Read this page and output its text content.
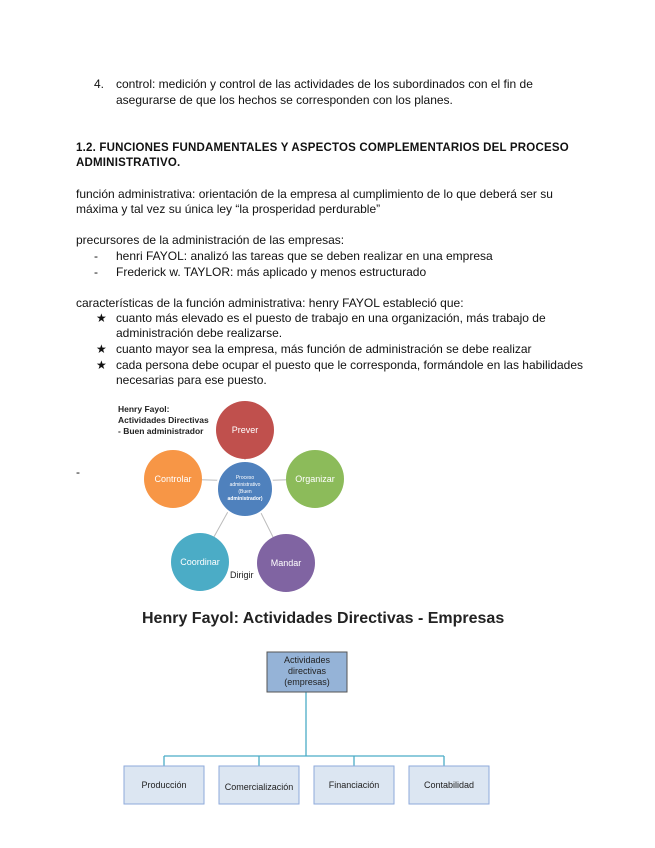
4. control: medición y control de las actividades de los subordinados con el fin de
asegurarse de que los hechos se corresponden con los planes.
1.2. FUNCIONES FUNDAMENTALES Y ASPECTOS COMPLEMENTARIOS DEL PROCESO
ADMINISTRATIVO.
función administrativa: orientación de la empresa al cumplimiento de lo que deberá ser su
máxima y tal vez su única ley “la prosperidad perdurable”
precursores de la administración de las empresas:
-	henri FAYOL: analizó las tareas que se deben realizar en una empresa
-	Frederick w. TAYLOR: más aplicado y menos estructurado
características de la función administrativa: henry FAYOL estableció que:
★ cuanto más elevado es el puesto de trabajo en una organización, más trabajo de
administración debe realizarse.
★ cuanto mayor sea la empresa, más función de administración se debe realizar
★ cada persona debe ocupar el puesto que le corresponda, formándole en las habilidades
necesarias para ese puesto.
-
Henry Fayol:
Actividades Directivas
- Buen administrador	Prever
Organizar
Mandar
Coordinar
Controlar	Proceso
administrativo
(Buen
administrador)
Dirigir
Henry Fayol: Actividades Directivas - Empresas
Actividades
directivas
(empresas)
Producción	Comercialización	Financiación	Contabilidad
